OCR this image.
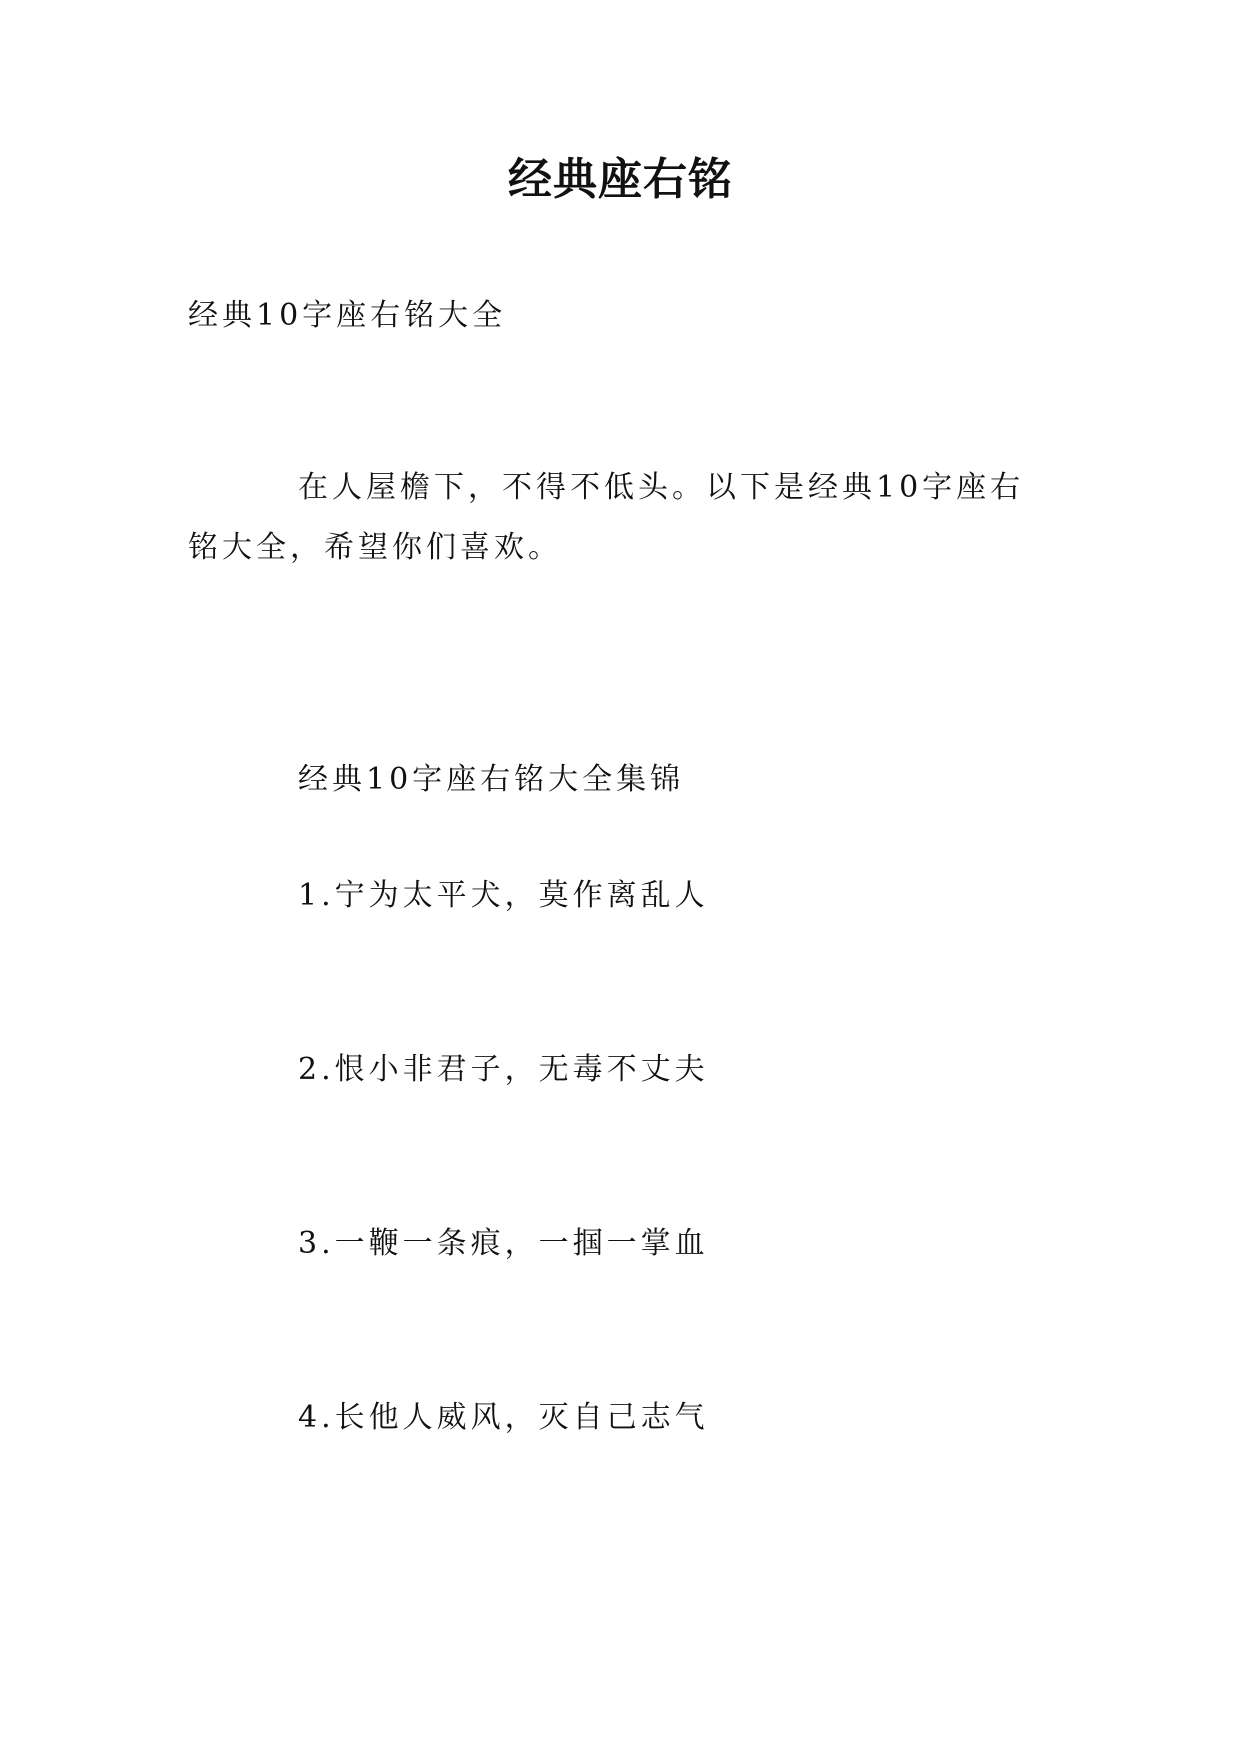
经典座右铭
经典10字座右铭大全
在人屋檐下，不得不低头。以下是经典10字座右铭大全，希望你们喜欢。
经典10字座右铭大全集锦
1.宁为太平犬，莫作离乱人
2.恨小非君子，无毒不丈夫
3.一鞭一条痕，一掴一掌血
4.长他人威风，灭自己志气
